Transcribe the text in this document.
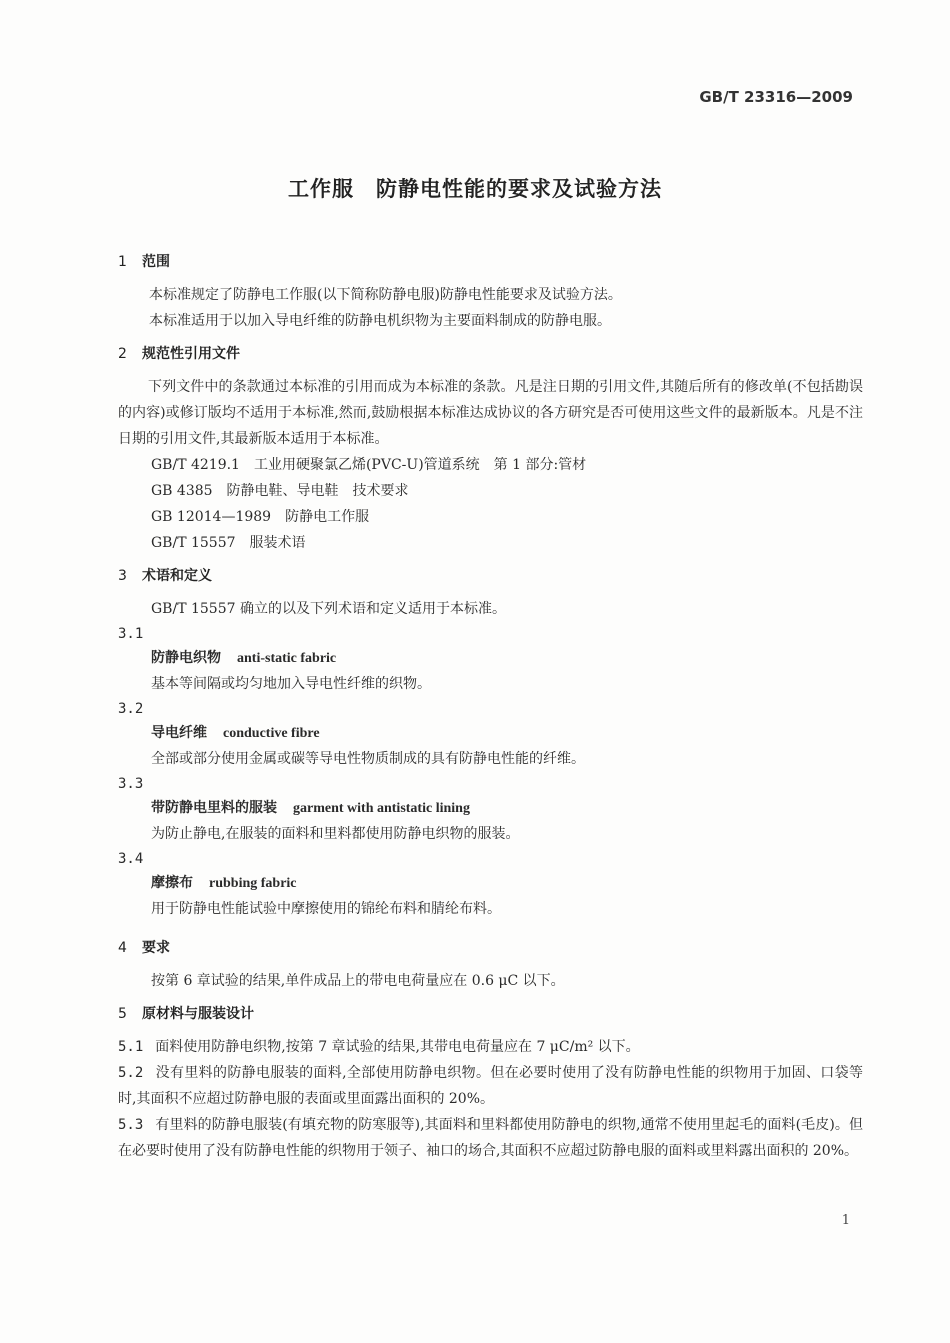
GB/T 23316—2009
工作服　防静电性能的要求及试验方法
1 范围
本标准规定了防静电工作服(以下简称防静电服)防静电性能要求及试验方法。
本标准适用于以加入导电纤维的防静电机织物为主要面料制成的防静电服。
2 规范性引用文件
下列文件中的条款通过本标准的引用而成为本标准的条款。凡是注日期的引用文件,其随后所有的修改单(不包括勘误的内容)或修订版均不适用于本标准,然而,鼓励根据本标准达成协议的各方研究是否可使用这些文件的最新版本。凡是不注日期的引用文件,其最新版本适用于本标准。
GB/T 4219.1　工业用硬聚氯乙烯(PVC-U)管道系统　第 1 部分:管材
GB 4385　防静电鞋、导电鞋　技术要求
GB 12014—1989　防静电工作服
GB/T 15557　服装术语
3 术语和定义
GB/T 15557 确立的以及下列术语和定义适用于本标准。
3.1
防静电织物 anti-static fabric
基本等间隔或均匀地加入导电性纤维的织物。
3.2
导电纤维 conductive fibre
全部或部分使用金属或碳等导电性物质制成的具有防静电性能的纤维。
3.3
带防静电里料的服装 garment with antistatic lining
为防止静电,在服装的面料和里料都使用防静电织物的服装。
3.4
摩擦布 rubbing fabric
用于防静电性能试验中摩擦使用的锦纶布料和腈纶布料。
4 要求
按第 6 章试验的结果,单件成品上的带电电荷量应在 0.6 μC 以下。
5 原材料与服装设计
5.1 面料使用防静电织物,按第 7 章试验的结果,其带电电荷量应在 7 μC/m² 以下。
5.2 没有里料的防静电服装的面料,全部使用防静电织物。但在必要时使用了没有防静电性能的织物用于加固、口袋等时,其面积不应超过防静电服的表面或里面露出面积的 20%。
5.3 有里料的防静电服装(有填充物的防寒服等),其面料和里料都使用防静电的织物,通常不使用里起毛的面料(毛皮)。但在必要时使用了没有防静电性能的织物用于领子、袖口的场合,其面积不应超过防静电服的面料或里料露出面积的 20%。
1
